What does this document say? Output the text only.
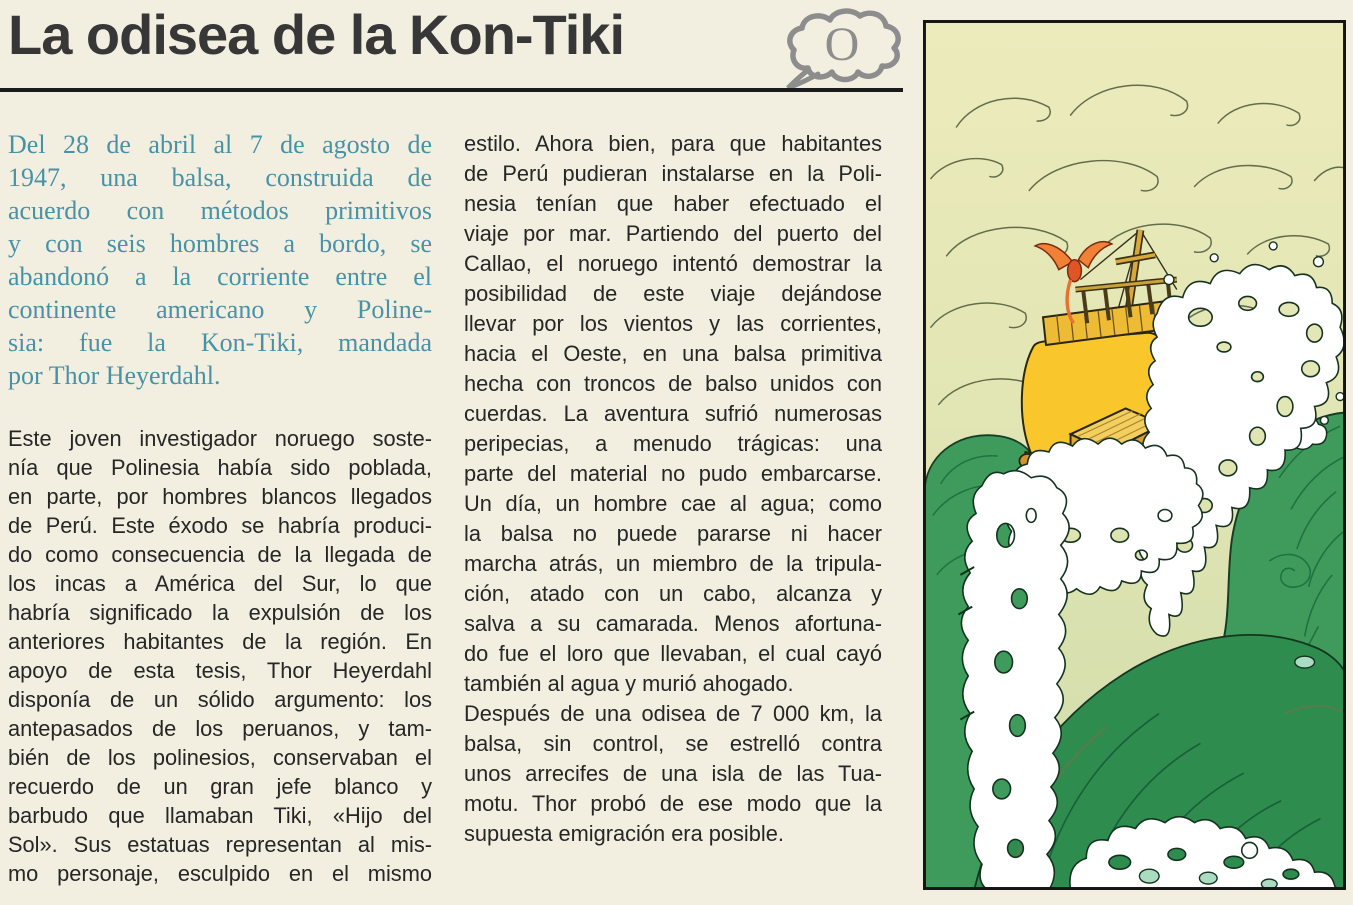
La odisea de la Kon-Tiki	O
Del 28 de abril al 7 de agosto de
1947, una balsa, construida de
acuerdo con métodos primitivos
y con seis hombres a bordo, se
abandonó a la corriente entre el
continente americano y Poline-
sia: fue la Kon-Tiki, mandada
por Thor Heyerdahl.
Este joven investigador noruego soste-
nía que Polinesia había sido poblada,
en parte, por hombres blancos llegados
de Perú. Este éxodo se habría produci-
do como consecuencia de la llegada de
los incas a América del Sur, lo que
habría significado la expulsión de los
anteriores habitantes de la región. En
apoyo de esta tesis, Thor Heyerdahl
disponía de un sólido argumento: los
antepasados de los peruanos, y tam-
bién de los polinesios, conservaban el
recuerdo de un gran jefe blanco y
barbudo que llamaban Tiki, «Hijo del
Sol». Sus estatuas representan al mis-
mo personaje, esculpido en el mismo
estilo. Ahora bien, para que habitantes
de Perú pudieran instalarse en la Poli-
nesia tenían que haber efectuado el
viaje por mar. Partiendo del puerto del
Callao, el noruego intentó demostrar la
posibilidad de este viaje dejándose
llevar por los vientos y las corrientes,
hacia el Oeste, en una balsa primitiva
hecha con troncos de balso unidos con
cuerdas. La aventura sufrió numerosas
peripecias, a menudo trágicas: una
parte del material no pudo embarcarse.
Un día, un hombre cae al agua; como
la balsa no puede pararse ni hacer
marcha atrás, un miembro de la tripula-
ción, atado con un cabo, alcanza y
salva a su camarada. Menos afortuna-
do fue el loro que llevaban, el cual cayó
también al agua y murió ahogado.
Después de una odisea de 7 000 km, la
balsa, sin control, se estrelló contra
unos arrecifes de una isla de las Tua-
motu. Thor probó de ese modo que la
supuesta emigración era posible.
